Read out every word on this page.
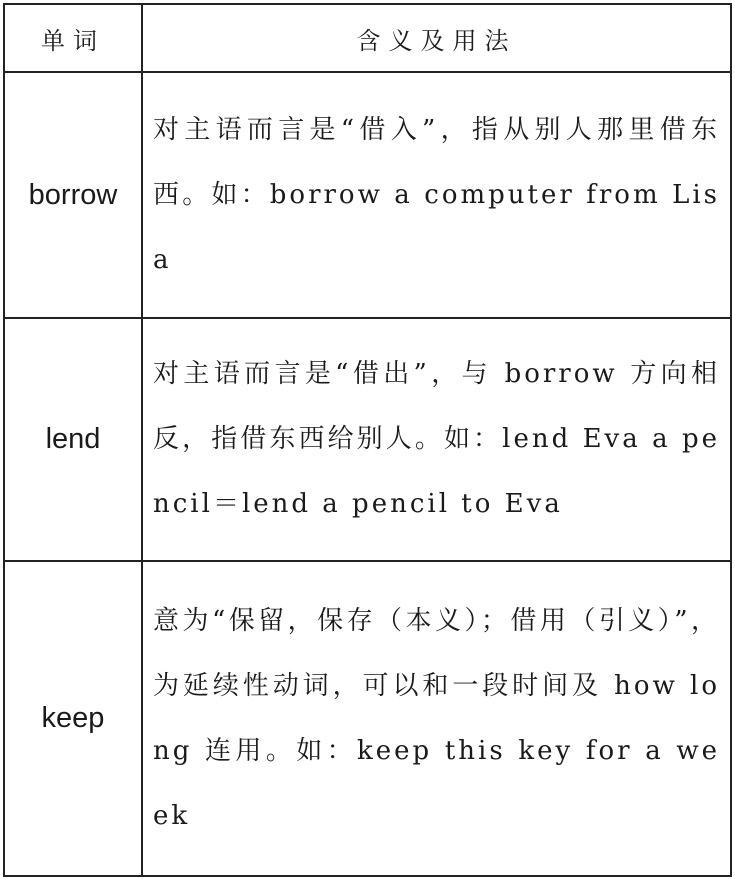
单词	含义及用法
borrow	对主语而言是“借入”，指从别人那里借东西。如：borrow a computer from Lisa

lend	对主语而言是“借出”，与 borrow 方向相反，指借东西给别人。如：lend Eva a pencil＝lend a pencil to Eva

keep	意为“保留，保存（本义）；借用（引义）”，为延续性动词，可以和一段时间及 how long 连用。如：keep this key for a week
